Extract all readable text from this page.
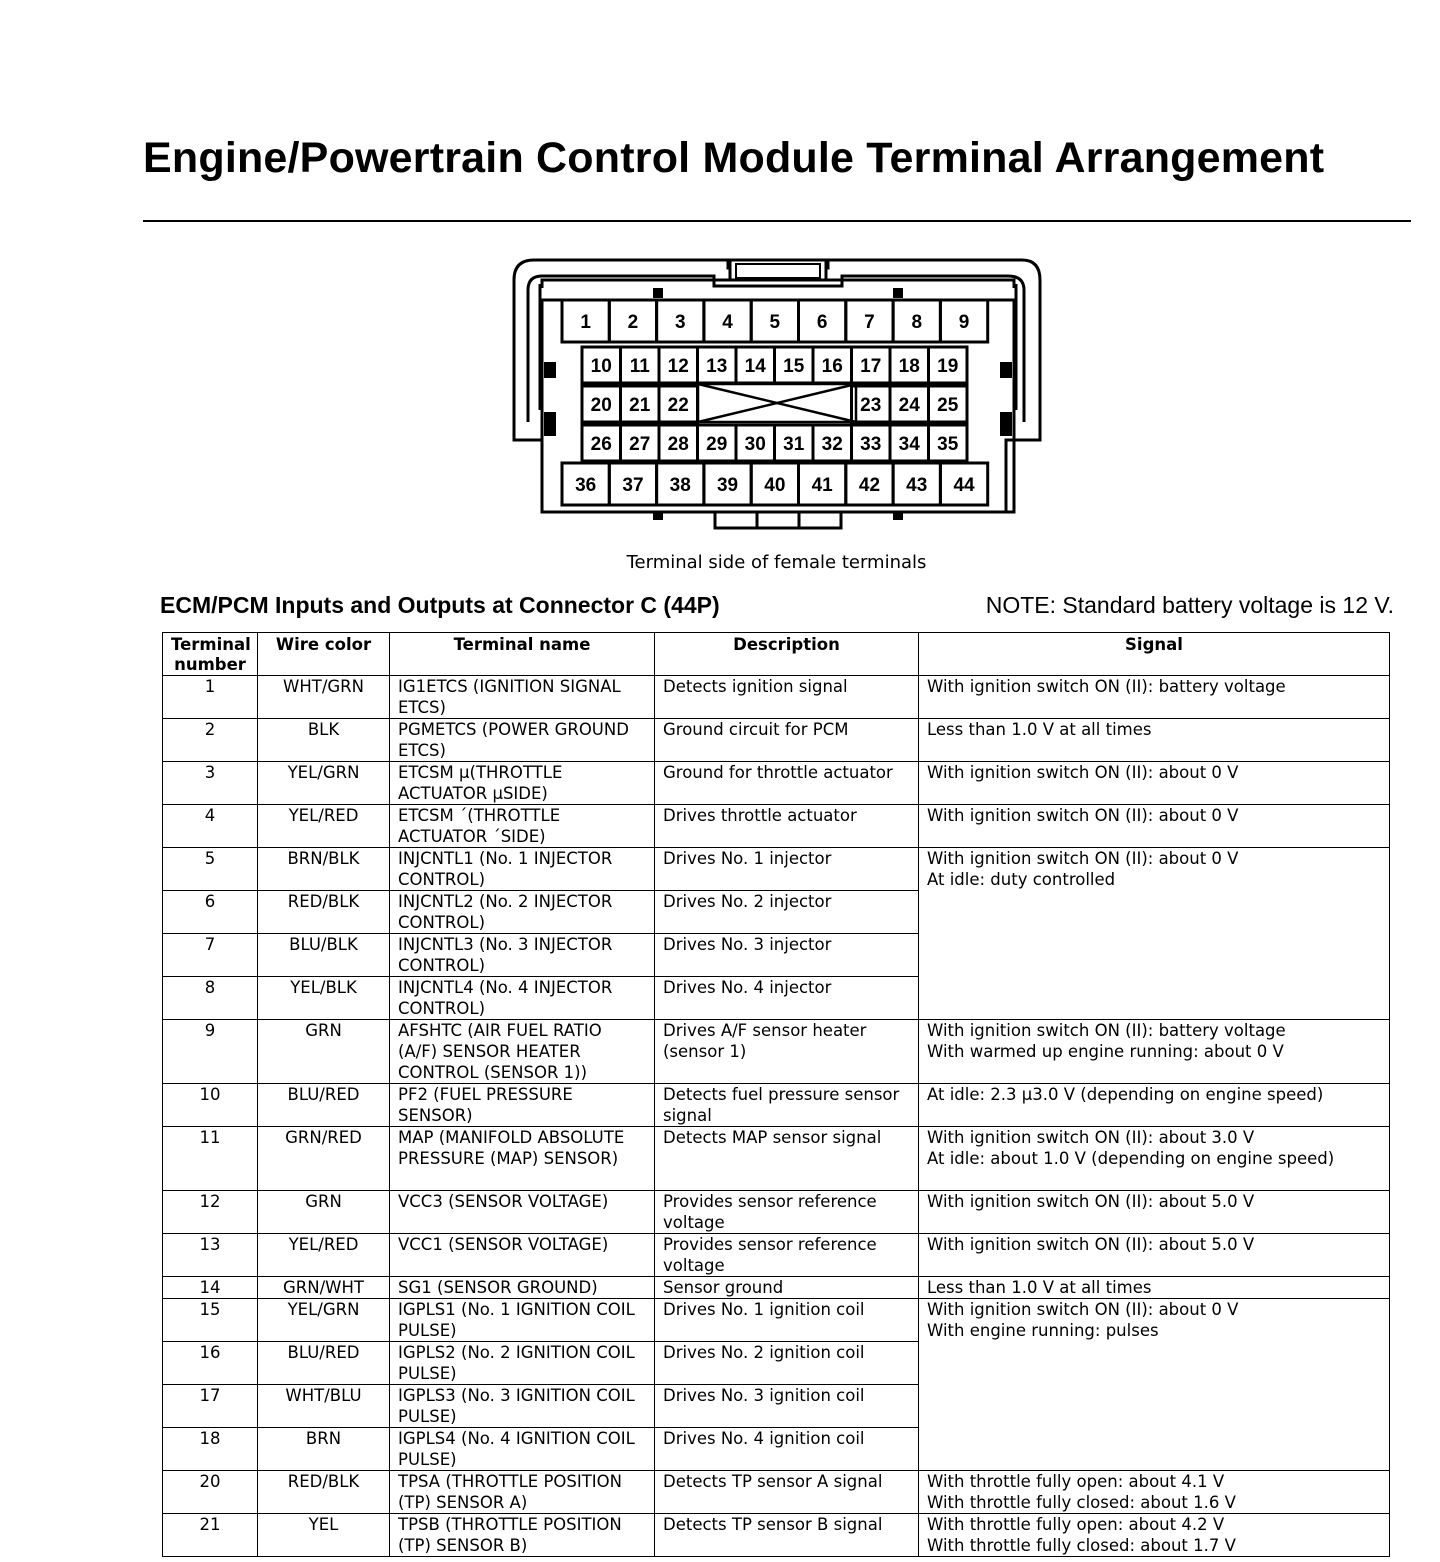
Engine/Powertrain Control Module Terminal Arrangement
1 2 3 4 5 6 7 8 9
36 37 38 39 40 41 42 43 44
10 11 12 13 14 15 16 17 18 19
20 21 22	23 24 25
26 27 28 29 30 31 32 33 34 35
Terminal side of female terminals
ECM/PCM Inputs and Outputs at Connector C (44P)	NOTE: Standard battery voltage is 12 V.
Terminal number	Wire color	Terminal name	Description	Signal
1	WHT/GRN	IG1ETCS (IGNITION SIGNAL ETCS)	Detects ignition signal	With ignition switch ON (II): battery voltage

2	BLK	PGMETCS (POWER GROUND ETCS)	Ground circuit for PCM	Less than 1.0 V at all times

3	YEL/GRN	ETCSM µ(THROTTLE ACTUATOR µSIDE)	Ground for throttle actuator	With ignition switch ON (II): about 0 V

4	YEL/RED	ETCSM ´(THROTTLE ACTUATOR ´SIDE)	Drives throttle actuator	With ignition switch ON (II): about 0 V

5	BRN/BLK	INJCNTL1 (No. 1 INJECTOR CONTROL)	Drives No. 1 injector	With ignition switch ON (II): about 0 V
At idle: duty controlled

6	RED/BLK	INJCNTL2 (No. 2 INJECTOR CONTROL)	Drives No. 2 injector	
7	BLU/BLK	INJCNTL3 (No. 3 INJECTOR CONTROL)	Drives No. 3 injector	
8	YEL/BLK	INJCNTL4 (No. 4 INJECTOR CONTROL)	Drives No. 4 injector	
9	GRN	AFSHTC (AIR FUEL RATIO (A/F) SENSOR HEATER CONTROL (SENSOR 1))	Drives A/F sensor heater (sensor 1)	With ignition switch ON (II): battery voltage
With warmed up engine running: about 0 V

10	BLU/RED	PF2 (FUEL PRESSURE SENSOR)	Detects fuel pressure sensor signal	At idle: 2.3 µ3.0 V (depending on engine speed)

11	GRN/RED	MAP (MANIFOLD ABSOLUTE PRESSURE (MAP) SENSOR)	Detects MAP sensor signal	With ignition switch ON (II): about 3.0 V
At idle: about 1.0 V (depending on engine speed)

12	GRN	VCC3 (SENSOR VOLTAGE)	Provides sensor reference voltage	With ignition switch ON (II): about 5.0 V

13	YEL/RED	VCC1 (SENSOR VOLTAGE)	Provides sensor reference voltage	With ignition switch ON (II): about 5.0 V

14	GRN/WHT	SG1 (SENSOR GROUND)	Sensor ground	Less than 1.0 V at all times

15	YEL/GRN	IGPLS1 (No. 1 IGNITION COIL PULSE)	Drives No. 1 ignition coil	With ignition switch ON (II): about 0 V
With engine running: pulses

16	BLU/RED	IGPLS2 (No. 2 IGNITION COIL PULSE)	Drives No. 2 ignition coil	
17	WHT/BLU	IGPLS3 (No. 3 IGNITION COIL PULSE)	Drives No. 3 ignition coil	
18	BRN	IGPLS4 (No. 4 IGNITION COIL PULSE)	Drives No. 4 ignition coil	
20	RED/BLK	TPSA (THROTTLE POSITION (TP) SENSOR A)	Detects TP sensor A signal	With throttle fully open: about 4.1 V
With throttle fully closed: about 1.6 V

21	YEL	TPSB (THROTTLE POSITION (TP) SENSOR B)	Detects TP sensor B signal	With throttle fully open: about 4.2 V
With throttle fully closed: about 1.7 V
